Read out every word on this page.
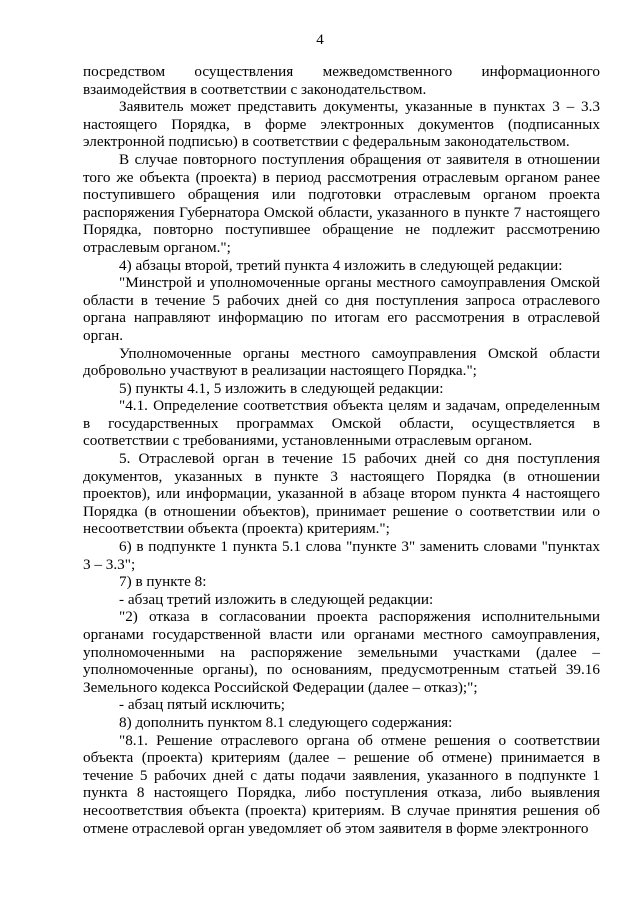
4

посредством осуществления межведомственного информационного взаимодействия в соответствии с законодательством.

Заявитель может представить документы, указанные в пунктах 3 – 3.3 настоящего Порядка, в форме электронных документов (подписанных электронной подписью) в соответствии с федеральным законодательством.

В случае повторного поступления обращения от заявителя в отношении того же объекта (проекта) в период рассмотрения отраслевым органом ранее поступившего обращения или подготовки отраслевым органом проекта распоряжения Губернатора Омской области, указанного в пункте 7 настоящего Порядка, повторно поступившее обращение не подлежит рассмотрению отраслевым органом.";

4) абзацы второй, третий пункта 4 изложить в следующей редакции:

"Минстрой и уполномоченные органы местного самоуправления Омской области в течение 5 рабочих дней со дня поступления запроса отраслевого органа направляют информацию по итогам его рассмотрения в отраслевой орган.

Уполномоченные органы местного самоуправления Омской области добровольно участвуют в реализации настоящего Порядка.";

5) пункты 4.1, 5 изложить в следующей редакции:

"4.1. Определение соответствия объекта целям и задачам, определенным в государственных программах Омской области, осуществляется в соответствии с требованиями, установленными отраслевым органом.

5. Отраслевой орган в течение 15 рабочих дней со дня поступления документов, указанных в пункте 3 настоящего Порядка (в отношении проектов), или информации, указанной в абзаце втором пункта 4 настоящего Порядка (в отношении объектов), принимает решение о соответствии или о несоответствии объекта (проекта) критериям.";

6) в подпункте 1 пункта 5.1 слова "пункте 3" заменить словами "пунктах 3 – 3.3";

7) в пункте 8:

- абзац третий изложить в следующей редакции:

"2) отказа в согласовании проекта распоряжения исполнительными органами государственной власти или органами местного самоуправления, уполномоченными на распоряжение земельными участками (далее – уполномоченные органы), по основаниям, предусмотренным статьей 39.16 Земельного кодекса Российской Федерации (далее – отказ);";

- абзац пятый исключить;

8) дополнить пунктом 8.1 следующего содержания:

"8.1. Решение отраслевого органа об отмене решения о соответствии объекта (проекта) критериям (далее – решение об отмене) принимается в течение 5 рабочих дней с даты подачи заявления, указанного в подпункте 1 пункта 8 настоящего Порядка, либо поступления отказа, либо выявления несоответствия объекта (проекта) критериям. В случае принятия решения об отмене отраслевой орган уведомляет об этом заявителя в форме электронного
